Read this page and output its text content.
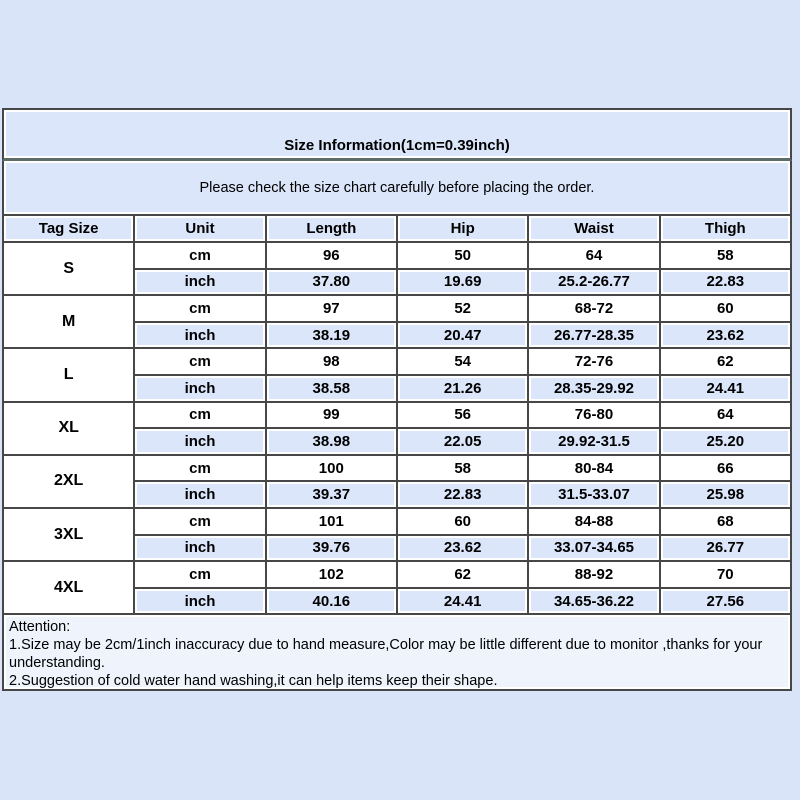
Size Information(1cm=0.39inch)
Please check the size chart carefully before placing the order.
Tag Size	Unit	Length	Hip	Waist	Thigh
S
cm	96	50	64	58
inch	37.80	19.69	25.2-26.77	22.83
M
cm	97	52	68-72	60
inch	38.19	20.47	26.77-28.35	23.62
L
cm	98	54	72-76	62
inch	38.58	21.26	28.35-29.92	24.41
XL
cm	99	56	76-80	64
inch	38.98	22.05	29.92-31.5	25.20
2XL
cm	100	58	80-84	66
inch	39.37	22.83	31.5-33.07	25.98
3XL
cm	101	60	84-88	68
inch	39.76	23.62	33.07-34.65	26.77
4XL
cm	102	62	88-92	70
inch	40.16	24.41	34.65-36.22	27.56
Attention:
1.Size may be 2cm/1inch inaccuracy due to hand measure,Color may be little different due to monitor ,thanks for your understanding.
2.Suggestion of cold water hand washing,it can help items keep their shape.
